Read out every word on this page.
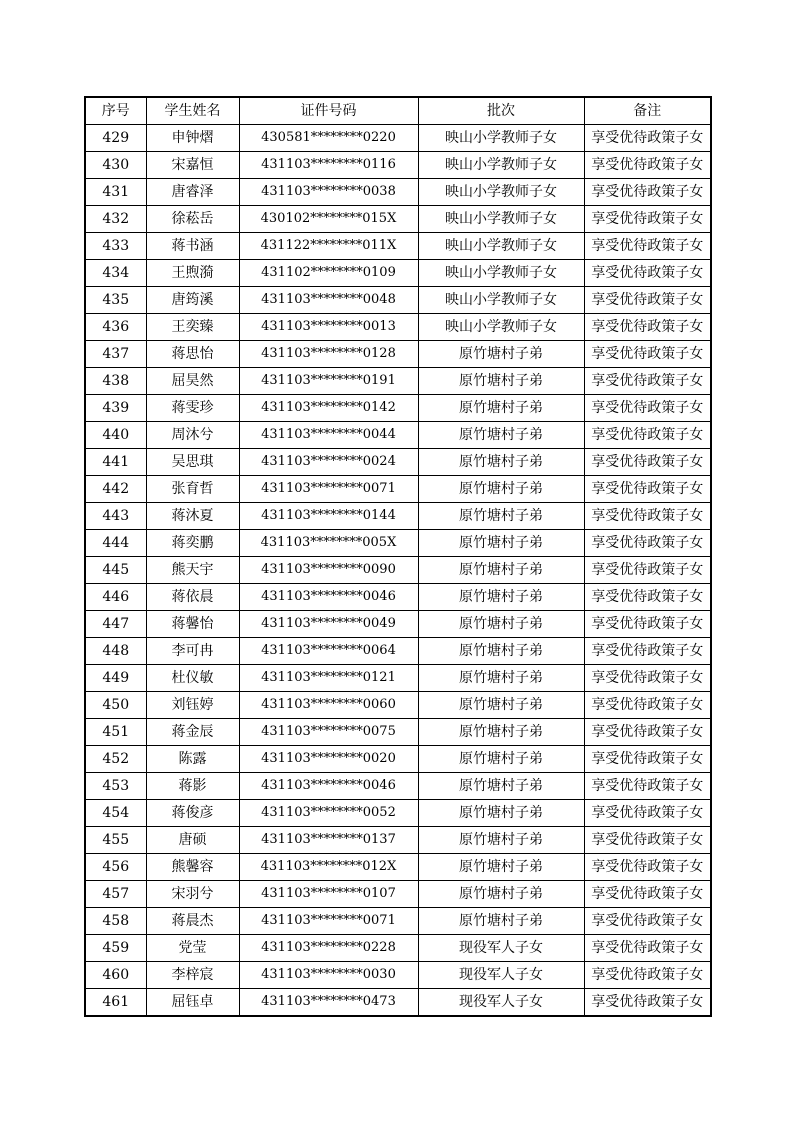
序号	学生姓名	证件号码	批次	备注
429	申钟熠	430581********0220	映山小学教师子女	享受优待政策子女
430	宋嘉恒	431103********0116	映山小学教师子女	享受优待政策子女
431	唐睿泽	431103********0038	映山小学教师子女	享受优待政策子女
432	徐菘岳	430102********015X	映山小学教师子女	享受优待政策子女
433	蒋书涵	431122********011X	映山小学教师子女	享受优待政策子女
434	王煦漪	431102********0109	映山小学教师子女	享受优待政策子女
435	唐筠溪	431103********0048	映山小学教师子女	享受优待政策子女
436	王奕臻	431103********0013	映山小学教师子女	享受优待政策子女
437	蒋思怡	431103********0128	原竹塘村子弟	享受优待政策子女
438	屈昊然	431103********0191	原竹塘村子弟	享受优待政策子女
439	蒋雯珍	431103********0142	原竹塘村子弟	享受优待政策子女
440	周沐兮	431103********0044	原竹塘村子弟	享受优待政策子女
441	吴思琪	431103********0024	原竹塘村子弟	享受优待政策子女
442	张育哲	431103********0071	原竹塘村子弟	享受优待政策子女
443	蒋沐夏	431103********0144	原竹塘村子弟	享受优待政策子女
444	蒋奕鹏	431103********005X	原竹塘村子弟	享受优待政策子女
445	熊天宇	431103********0090	原竹塘村子弟	享受优待政策子女
446	蒋依晨	431103********0046	原竹塘村子弟	享受优待政策子女
447	蒋馨怡	431103********0049	原竹塘村子弟	享受优待政策子女
448	李可冉	431103********0064	原竹塘村子弟	享受优待政策子女
449	杜仪敏	431103********0121	原竹塘村子弟	享受优待政策子女
450	刘钰婷	431103********0060	原竹塘村子弟	享受优待政策子女
451	蒋金辰	431103********0075	原竹塘村子弟	享受优待政策子女
452	陈露	431103********0020	原竹塘村子弟	享受优待政策子女
453	蒋影	431103********0046	原竹塘村子弟	享受优待政策子女
454	蒋俊彦	431103********0052	原竹塘村子弟	享受优待政策子女
455	唐硕	431103********0137	原竹塘村子弟	享受优待政策子女
456	熊馨容	431103********012X	原竹塘村子弟	享受优待政策子女
457	宋羽兮	431103********0107	原竹塘村子弟	享受优待政策子女
458	蒋晨杰	431103********0071	原竹塘村子弟	享受优待政策子女
459	党莹	431103********0228	现役军人子女	享受优待政策子女
460	李梓宸	431103********0030	现役军人子女	享受优待政策子女
461	屈钰卓	431103********0473	现役军人子女	享受优待政策子女
